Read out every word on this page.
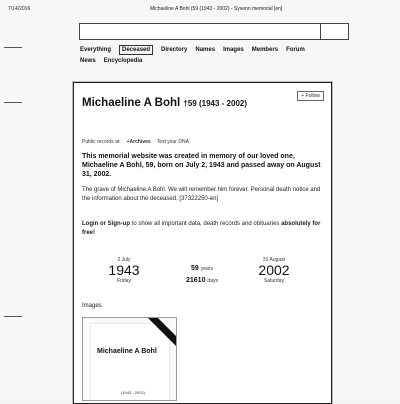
7/14/2016	Michaeline A Bohl (59 (1943 - 2002) - Sysenn memorial [en]
Everything	Deceased	Directory Names Images Members Forum
News Encyclopedia
+ Follow
Michaeline A Bohl †59 (1943 - 2002)
Public records at: +Archives Test your DNA
This memorial website was created in memory of our loved one, Michaeline A Bohl, 59, born on July 2, 1943 and passed away on August 31, 2002.
The grave of Michaeline A Bohl. We will remember him forever. Personal death notice and the information about the deceased. [37322250-en]
Login or Sign-up to show all important data, death records and obituaries absolutely for free!
2 July
1943
Friday
59 years
21610 days
31 August
2002
Saturday
Images
Michaeline A Bohl
(1943 - 2002)
